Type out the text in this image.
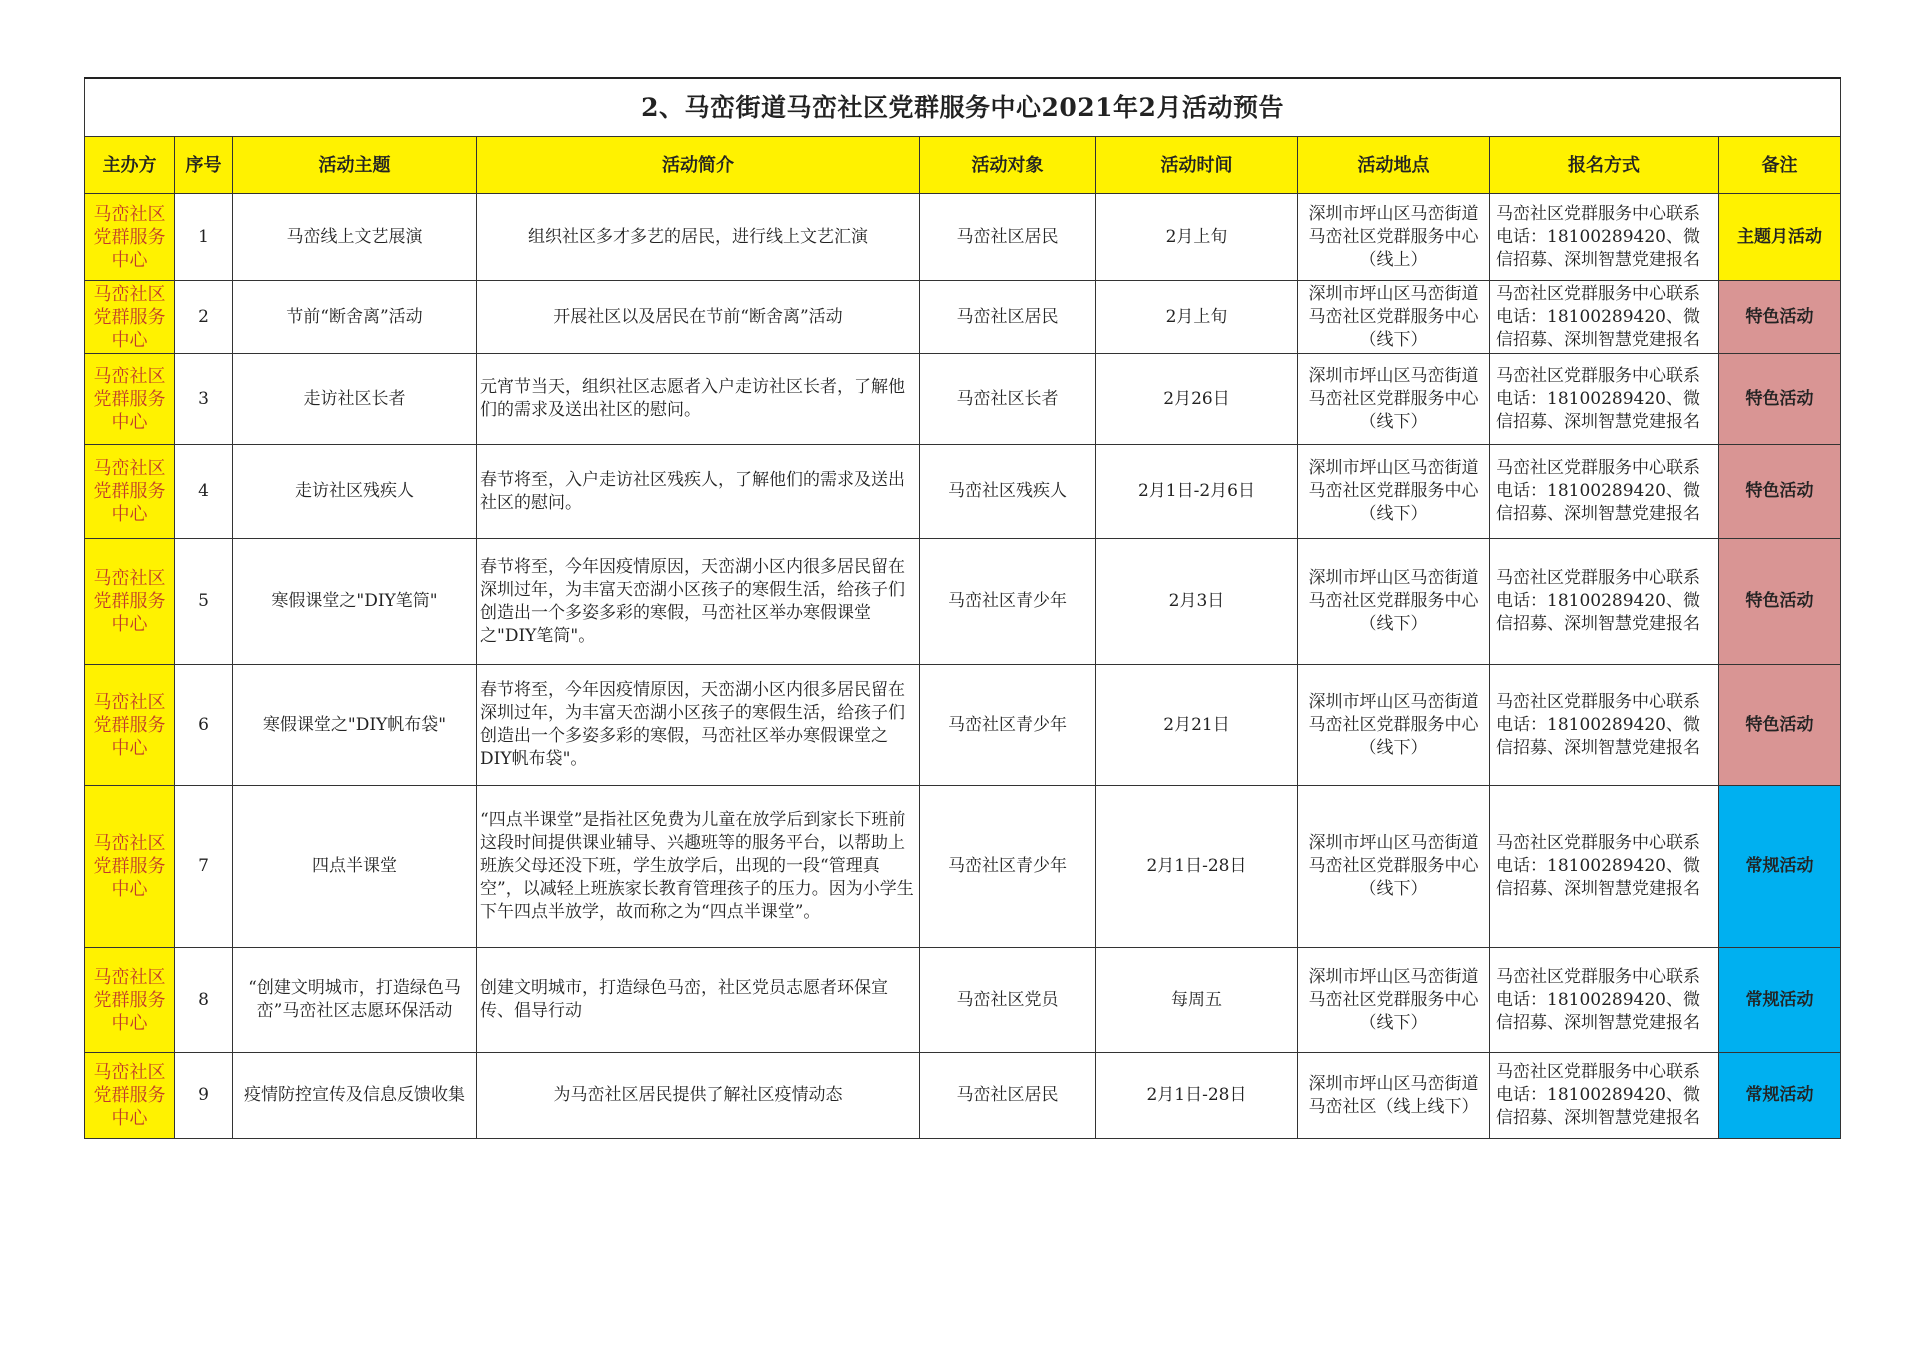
2、马峦街道马峦社区党群服务中心2021年2月活动预告								
主办方	序号	活动主题	活动简介	活动对象	活动时间	活动地点	报名方式	备注
马峦社区党群服务中心	1	马峦线上文艺展演	组织社区多才多艺的居民，进行线上文艺汇演	马峦社区居民	2月上旬	深圳市坪山区马峦街道马峦社区党群服务中心（线上）	马峦社区党群服务中心联系电话：18100289420、微信招募、深圳智慧党建报名	主题月活动
马峦社区党群服务中心	2	节前“断舍离”活动	开展社区以及居民在节前“断舍离”活动	马峦社区居民	2月上旬	深圳市坪山区马峦街道马峦社区党群服务中心（线下）	马峦社区党群服务中心联系电话：18100289420、微信招募、深圳智慧党建报名	特色活动
马峦社区党群服务中心	3	走访社区长者	元宵节当天，组织社区志愿者入户走访社区长者，了解他们的需求及送出社区的慰问。	马峦社区长者	2月26日	深圳市坪山区马峦街道马峦社区党群服务中心（线下）	马峦社区党群服务中心联系电话：18100289420、微信招募、深圳智慧党建报名	特色活动
马峦社区党群服务中心	4	走访社区残疾人	春节将至，入户走访社区残疾人，了解他们的需求及送出社区的慰问。	马峦社区残疾人	2月1日-2月6日	深圳市坪山区马峦街道马峦社区党群服务中心（线下）	马峦社区党群服务中心联系电话：18100289420、微信招募、深圳智慧党建报名	特色活动
马峦社区党群服务中心	5	寒假课堂之"DIY笔筒"	春节将至，今年因疫情原因，天峦湖小区内很多居民留在深圳过年，为丰富天峦湖小区孩子的寒假生活，给孩子们创造出一个多姿多彩的寒假，马峦社区举办寒假课堂之"DIY笔筒"。	马峦社区青少年	2月3日	深圳市坪山区马峦街道马峦社区党群服务中心（线下）	马峦社区党群服务中心联系电话：18100289420、微信招募、深圳智慧党建报名	特色活动
马峦社区党群服务中心	6	寒假课堂之"DIY帆布袋"	春节将至，今年因疫情原因，天峦湖小区内很多居民留在深圳过年，为丰富天峦湖小区孩子的寒假生活，给孩子们创造出一个多姿多彩的寒假，马峦社区举办寒假课堂之DIY帆布袋"。	马峦社区青少年	2月21日	深圳市坪山区马峦街道马峦社区党群服务中心（线下）	马峦社区党群服务中心联系电话：18100289420、微信招募、深圳智慧党建报名	特色活动
马峦社区党群服务中心	7	四点半课堂	“四点半课堂”是指社区免费为儿童在放学后到家长下班前这段时间提供课业辅导、兴趣班等的服务平台，以帮助上班族父母还没下班，学生放学后，出现的一段“管理真空”，以减轻上班族家长教育管理孩子的压力。因为小学生下午四点半放学，故而称之为“四点半课堂”。	马峦社区青少年	2月1日-28日	深圳市坪山区马峦街道马峦社区党群服务中心（线下）	马峦社区党群服务中心联系电话：18100289420、微信招募、深圳智慧党建报名	常规活动
马峦社区党群服务中心	8	“创建文明城市，打造绿色马峦”马峦社区志愿环保活动	创建文明城市，打造绿色马峦，社区党员志愿者环保宣传、倡导行动	马峦社区党员	每周五	深圳市坪山区马峦街道马峦社区党群服务中心（线下）	马峦社区党群服务中心联系电话：18100289420、微信招募、深圳智慧党建报名	常规活动
马峦社区党群服务中心	9	疫情防控宣传及信息反馈收集	为马峦社区居民提供了解社区疫情动态	马峦社区居民	2月1日-28日	深圳市坪山区马峦街道马峦社区（线上线下）	马峦社区党群服务中心联系电话：18100289420、微信招募、深圳智慧党建报名	常规活动
